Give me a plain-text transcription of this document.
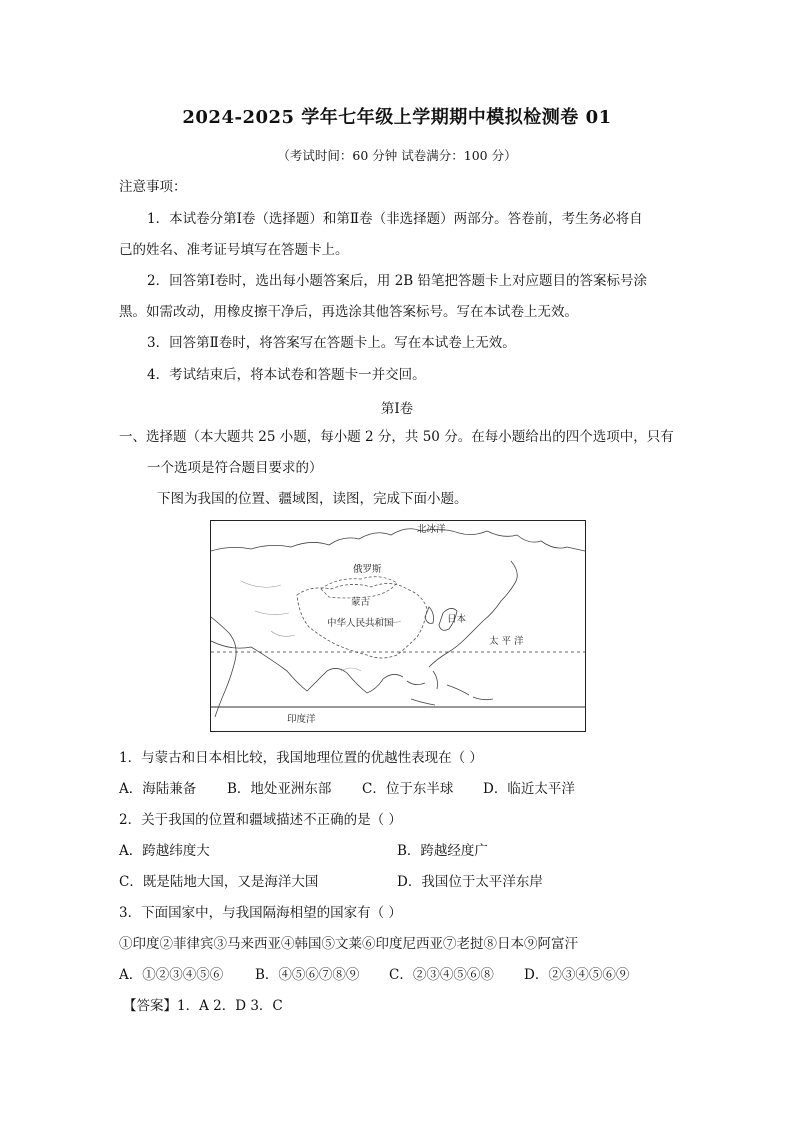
2024-2025 学年七年级上学期期中模拟检测卷 01
（考试时间：60 分钟 试卷满分：100 分）
注意事项：
1．本试卷分第Ⅰ卷（选择题）和第Ⅱ卷（非选择题）两部分。答卷前，考生务必将自
己的姓名、准考证号填写在答题卡上。
2．回答第Ⅰ卷时，选出每小题答案后，用 2B 铅笔把答题卡上对应题目的答案标号涂
黑。如需改动，用橡皮擦干净后，再选涂其他答案标号。写在本试卷上无效。
3．回答第Ⅱ卷时，将答案写在答题卡上。写在本试卷上无效。
4．考试结束后，将本试卷和答题卡一并交回。
第Ⅰ卷
一、选择题（本大题共 25 小题，每小题 2 分，共 50 分。在每小题给出的四个选项中，只有
一个选项是符合题目要求的）
下图为我国的位置、疆域图，读图，完成下面小题。
北冰洋
俄罗斯
蒙古
中华人民共和国	日本
太 平 洋
印度洋
1．与蒙古和日本相比较，我国地理位置的优越性表现在（ ）
A．海陆兼备 B．地处亚洲东部 C．位于东半球 D．临近太平洋
2．关于我国的位置和疆域描述不正确的是（ ）
A．跨越纬度大	B．跨越经度广
C．既是陆地大国，又是海洋大国	D．我国位于太平洋东岸
3．下面国家中，与我国隔海相望的国家有（ ）
①印度②菲律宾③马来西亚④韩国⑤文莱⑥印度尼西亚⑦老挝⑧日本⑨阿富汗
A．①②③④⑤⑥ B．④⑤⑥⑦⑧⑨ C．②③④⑤⑥⑧ D．②③④⑤⑥⑨
【答案】1．A 2．D 3．C
